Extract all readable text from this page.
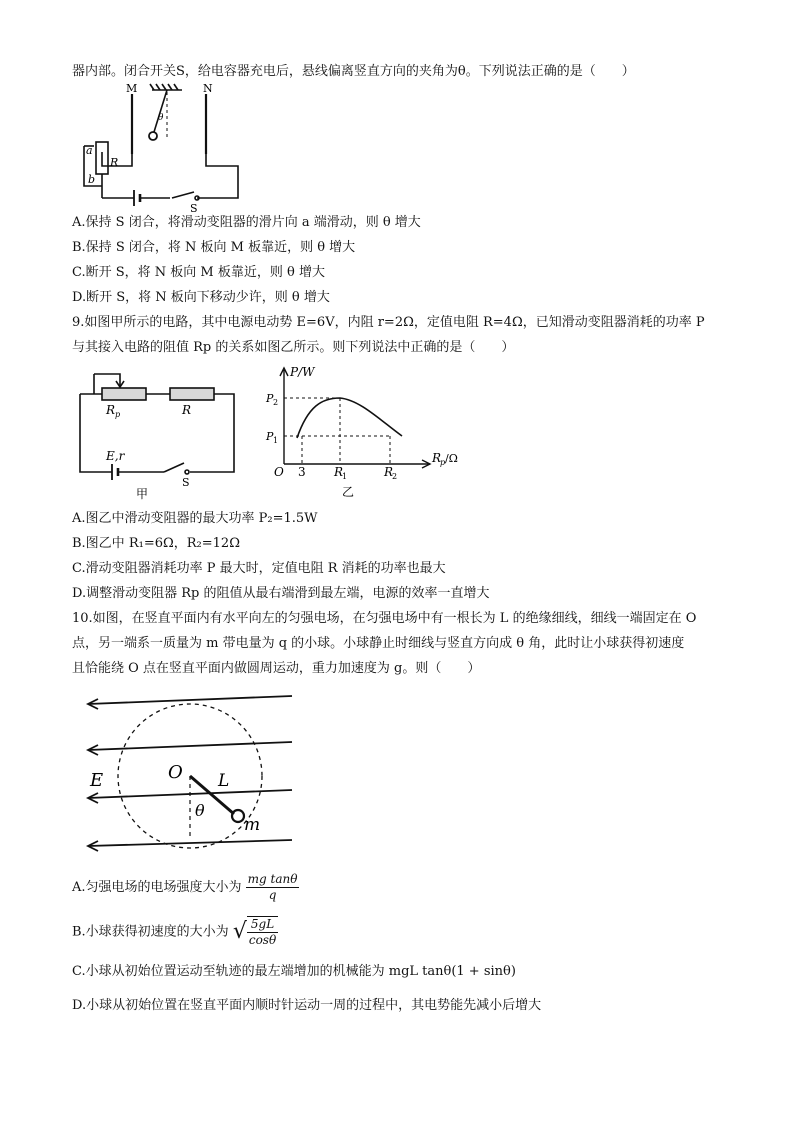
器内部。闭合开关S，给电容器充电后，悬线偏离竖直方向的夹角为θ。下列说法正确的是（　　）
M	N
θ
a
b
R
S
A.保持 S 闭合，将滑动变阻器的滑片向 a 端滑动，则 θ 增大
B.保持 S 闭合，将 N 板向 M 板靠近，则 θ 增大
C.断开 S，将 N 板向 M 板靠近，则 θ 增大
D.断开 S，将 N 板向下移动少许，则 θ 增大
9.如图甲所示的电路，其中电源电动势 E=6V，内阻 r=2Ω，定值电阻 R=4Ω，已知滑动变阻器消耗的功率 P
与其接入电路的阻值 Rp 的关系如图乙所示。则下列说法中正确的是（　　）
R p	R
E,r
S
甲
P/W
P 2
P 1
O 3 R
1	R
2
R
p /Ω
乙
A.图乙中滑动变阻器的最大功率 P₂=1.5W
B.图乙中 R₁=6Ω，R₂=12Ω
C.滑动变阻器消耗功率 P 最大时，定值电阻 R 消耗的功率也最大
D.调整滑动变阻器 Rp 的阻值从最右端滑到最左端，电源的效率一直增大
10.如图，在竖直平面内有水平向左的匀强电场，在匀强电场中有一根长为 L 的绝缘细线，细线一端固定在 O
点，另一端系一质量为 m 带电量为 q 的小球。小球静止时细线与竖直方向成 θ 角，此时让小球获得初速度
且恰能绕 O 点在竖直平面内做圆周运动，重力加速度为 g。则（　　）
E	O L
θ
m
A.匀强电场的电场强度大小为 $\frac{\text{mg tanθ}}{q}$
B.小球获得初速度的大小为 √ $\frac{5gL}{\cos\theta}$
C.小球从初始位置运动至轨迹的最左端增加的机械能为 mgL tanθ(1 + sinθ)
D.小球从初始位置在竖直平面内顺时针运动一周的过程中，其电势能先减小后增大
